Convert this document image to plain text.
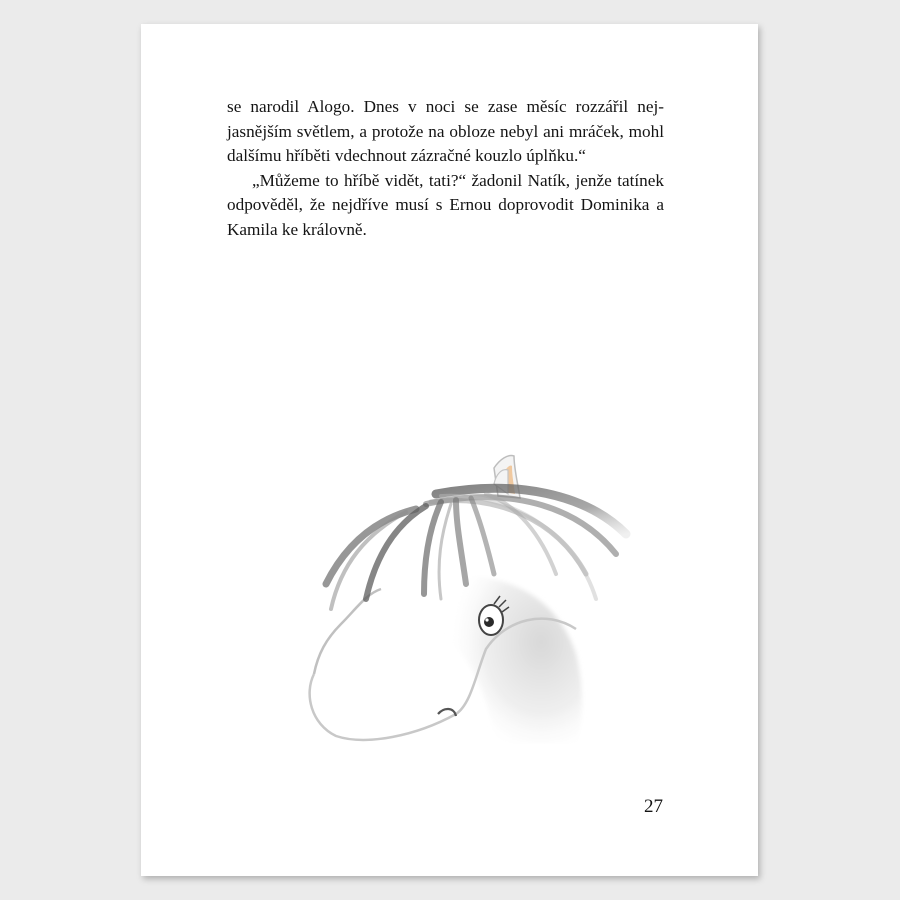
se narodil Alogo. Dnes v noci se zase měsíc rozzářil nejjasnějším světlem, a protože na obloze nebyl ani mráček, mohl dalšímu hříběti vdechnout zázračné kouzlo úplňku.“

„Můžeme to hříbě vidět, tati?“ žadonil Natík, jenže tatínek odpověděl, že nejdříve musí s Ernou doprovodit Dominika a Kamila ke královně.

27
